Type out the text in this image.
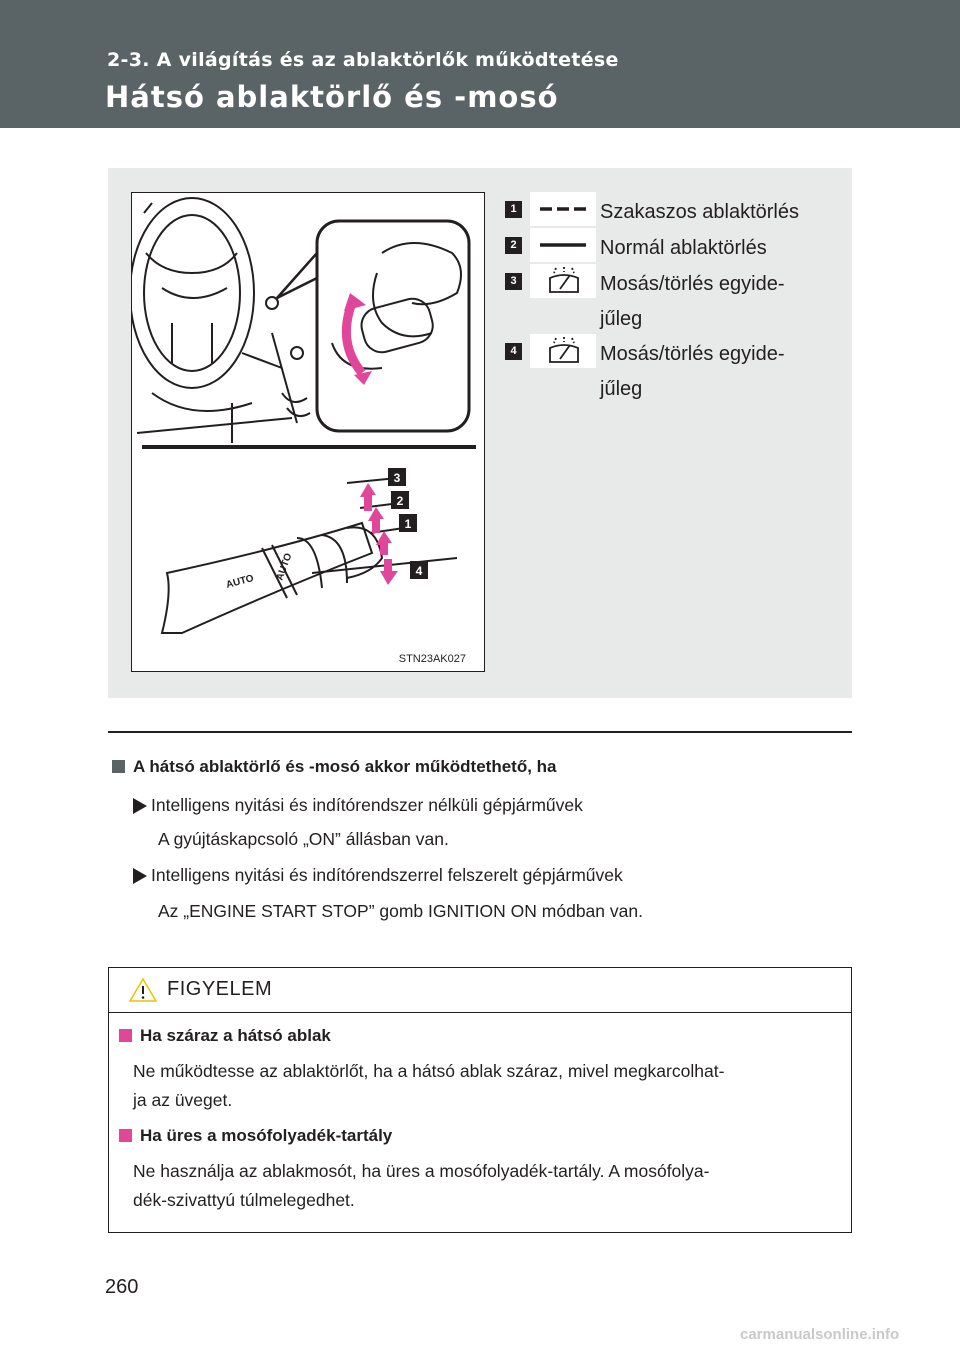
2-3. A világítás és az ablaktörlők működtetése
Hátsó ablaktörlő és -mosó
AUTO AUTO
3
2
1
4
STN23AK027
1	Szakaszos ablaktörlés
2	Normál ablaktörlés
3	Mosás/törlés egyide-
jűleg
4	Mosás/törlés egyide-
jűleg
A hátsó ablaktörlő és -mosó akkor működtethető, ha
Intelligens nyitási és indítórendszer nélküli gépjárművek
A gyújtáskapcsoló „ON” állásban van.
Intelligens nyitási és indítórendszerrel felszerelt gépjárművek
Az „ENGINE START STOP” gomb IGNITION ON módban van.
FIGYELEM
Ha száraz a hátsó ablak
Ne működtesse az ablaktörlőt, ha a hátsó ablak száraz, mivel megkarcolhat-
ja az üveget.
Ha üres a mosófolyadék-tartály
Ne használja az ablakmosót, ha üres a mosófolyadék-tartály. A mosófolya-
dék-szivattyú túlmelegedhet.
260
carmanualsonline.info
